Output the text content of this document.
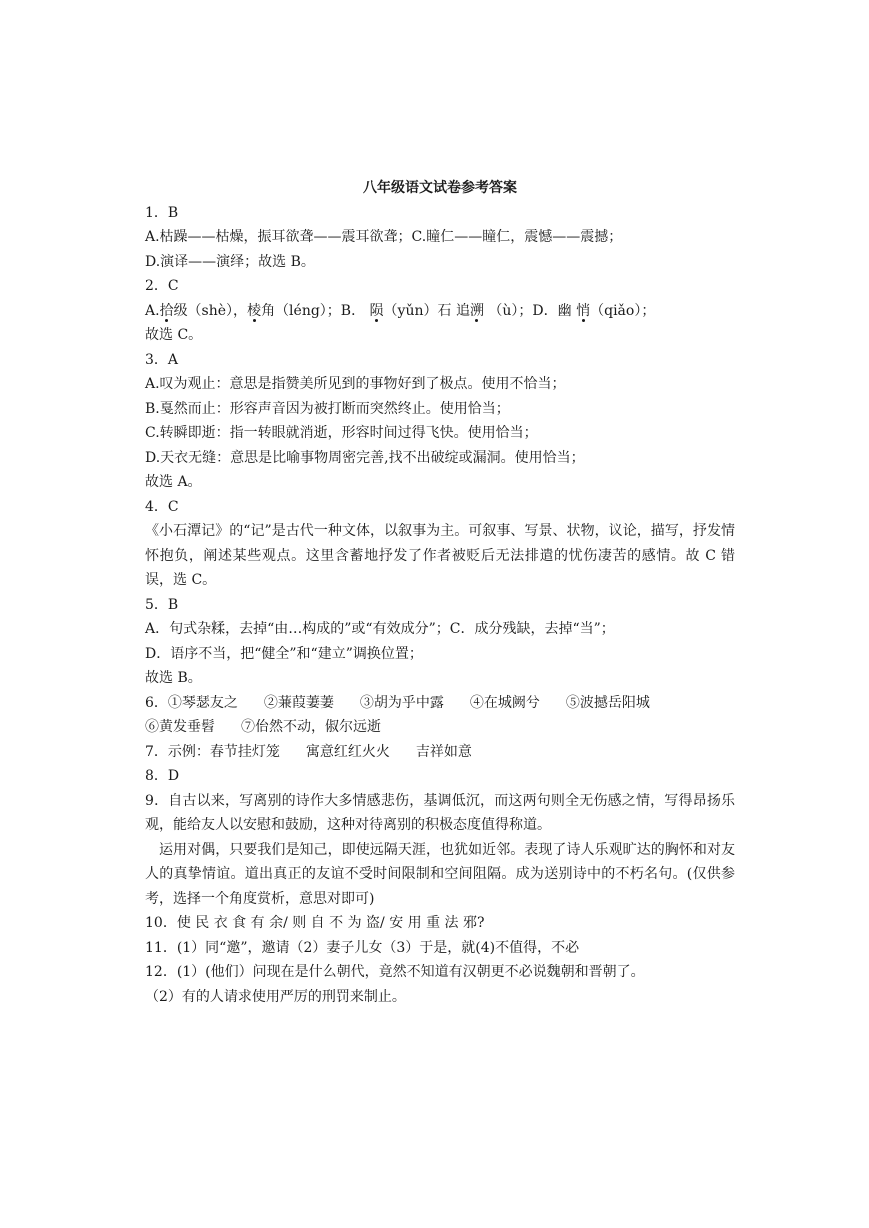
八年级语文试卷参考答案
1．B
A.枯躁——枯燥，振耳欲聋——震耳欲聋；C.瞳仁——瞳仁，震憾——震撼；
D.演译——演绎；故选 B。
2．C
A.拾级（shè），棱角（léng）；B． 陨（yǔn）石 追溯 （ù）；D．幽 悄（qiǎo）；
故选 C。
3．A
A.叹为观止：意思是指赞美所见到的事物好到了极点。使用不恰当；
B.戛然而止：形容声音因为被打断而突然终止。使用恰当；
C.转瞬即逝：指一转眼就消逝，形容时间过得飞快。使用恰当；
D.天衣无缝：意思是比喻事物周密完善,找不出破绽或漏洞。使用恰当；
故选 A。
4．C
《小石潭记》的“记”是古代一种文体，以叙事为主。可叙事、写景、状物，议论，描写，抒发情怀抱负，阐述某些观点。这里含蓄地抒发了作者被贬后无法排遣的忧伤凄苦的感情。故 C 错误，选 C。
5．B
A．句式杂糅，去掉“由…构成的”或“有效成分”；C．成分残缺，去掉“当”；
D．语序不当，把“健全”和“建立”调换位置；
故选 B。
6．①琴瑟友之 ②蒹葭萋萋 ③胡为乎中露 ④在城阙兮 ⑤波撼岳阳城
⑥黄发垂髫 ⑦佁然不动，俶尔远逝
7．示例：春节挂灯笼 寓意红红火火 吉祥如意
8．D
9．自古以来，写离别的诗作大多情感悲伤，基调低沉，而这两句则全无伤感之情，写得昂扬乐观，能给友人以安慰和鼓励，这种对待离别的积极态度值得称道。
运用对偶，只要我们是知己，即使远隔天涯，也犹如近邻。表现了诗人乐观旷达的胸怀和对友人的真挚情谊。道出真正的友谊不受时间限制和空间阻隔。成为送别诗中的不朽名句。(仅供参考，选择一个角度赏析，意思对即可)
10．使 民 衣 食 有 余/ 则 自 不 为 盗/ 安 用 重 法 邪?
11．(1）同“邀”，邀请（2）妻子儿女（3）于是，就(4)不值得，不必
12．(1）(他们）问现在是什么朝代，竟然不知道有汉朝更不必说魏朝和晋朝了。
（2）有的人请求使用严厉的刑罚来制止。
